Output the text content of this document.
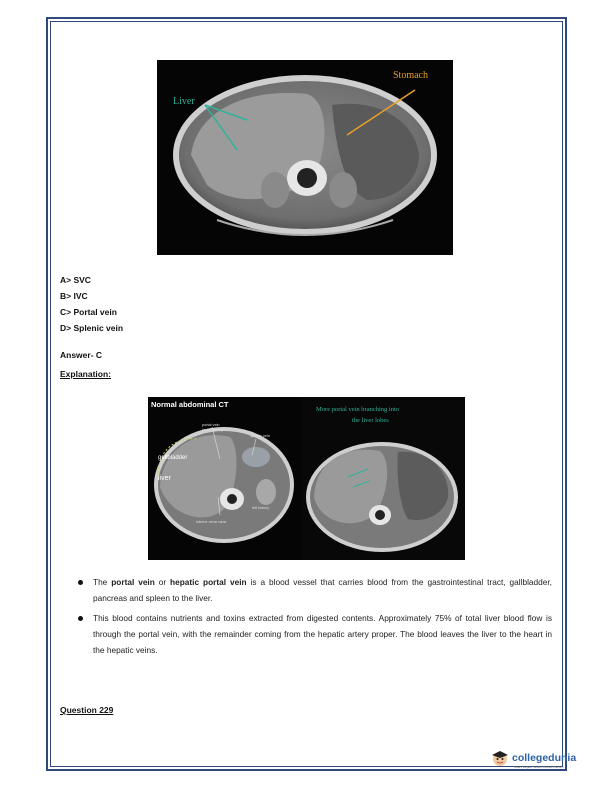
Stomach
Liver
A> SVC
B> IVC
C> Portal vein
D> Splenic vein
Answer- C
Explanation:
Normal abdominal CT
portal vein
(confluence)
splenic vein
gallbladder
liver
left kidney
inferior vena cava
More portal vein branching into
the liver lobes
The portal vein or hepatic portal vein is a blood vessel that carries blood from the gastrointestinal tract, gallbladder, pancreas and spleen to the liver.
This blood contains nutrients and toxins extracted from digested contents. Approximately 75% of total liver blood flow is through the portal vein, with the remainder coming from the hepatic artery proper. The blood leaves the liver to the heart in the hepatic veins.
Question 229
collegedunia
India's Largest Student Review Platform
